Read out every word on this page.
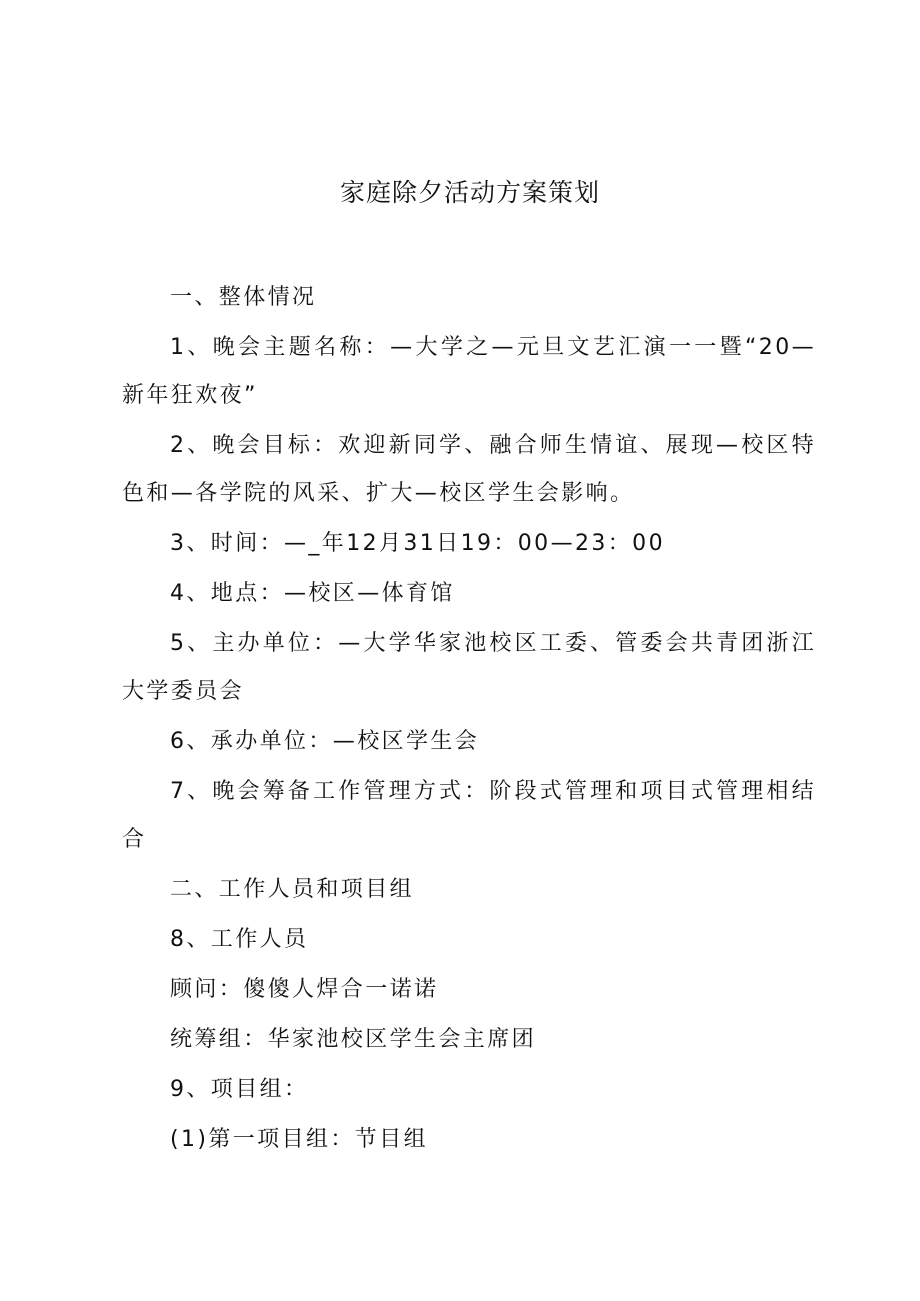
家庭除夕活动方案策划

一、整体情况

1、晚会主题名称：—大学之—元旦文艺汇演一一暨“20—新年狂欢夜”

2、晚会目标：欢迎新同学、融合师生情谊、展现—校区特色和—各学院的风采、扩大—校区学生会影响。

3、时间：—_年12月31日19：00—23：00

4、地点：—校区—体育馆

5、主办单位：—大学华家池校区工委、管委会共青团浙江大学委员会

6、承办单位：—校区学生会

7、晚会筹备工作管理方式：阶段式管理和项目式管理相结合

二、工作人员和项目组

8、工作人员

顾问：傻傻人焊合一诺诺

统筹组：华家池校区学生会主席团

9、项目组：

(1)第一项目组：节目组
